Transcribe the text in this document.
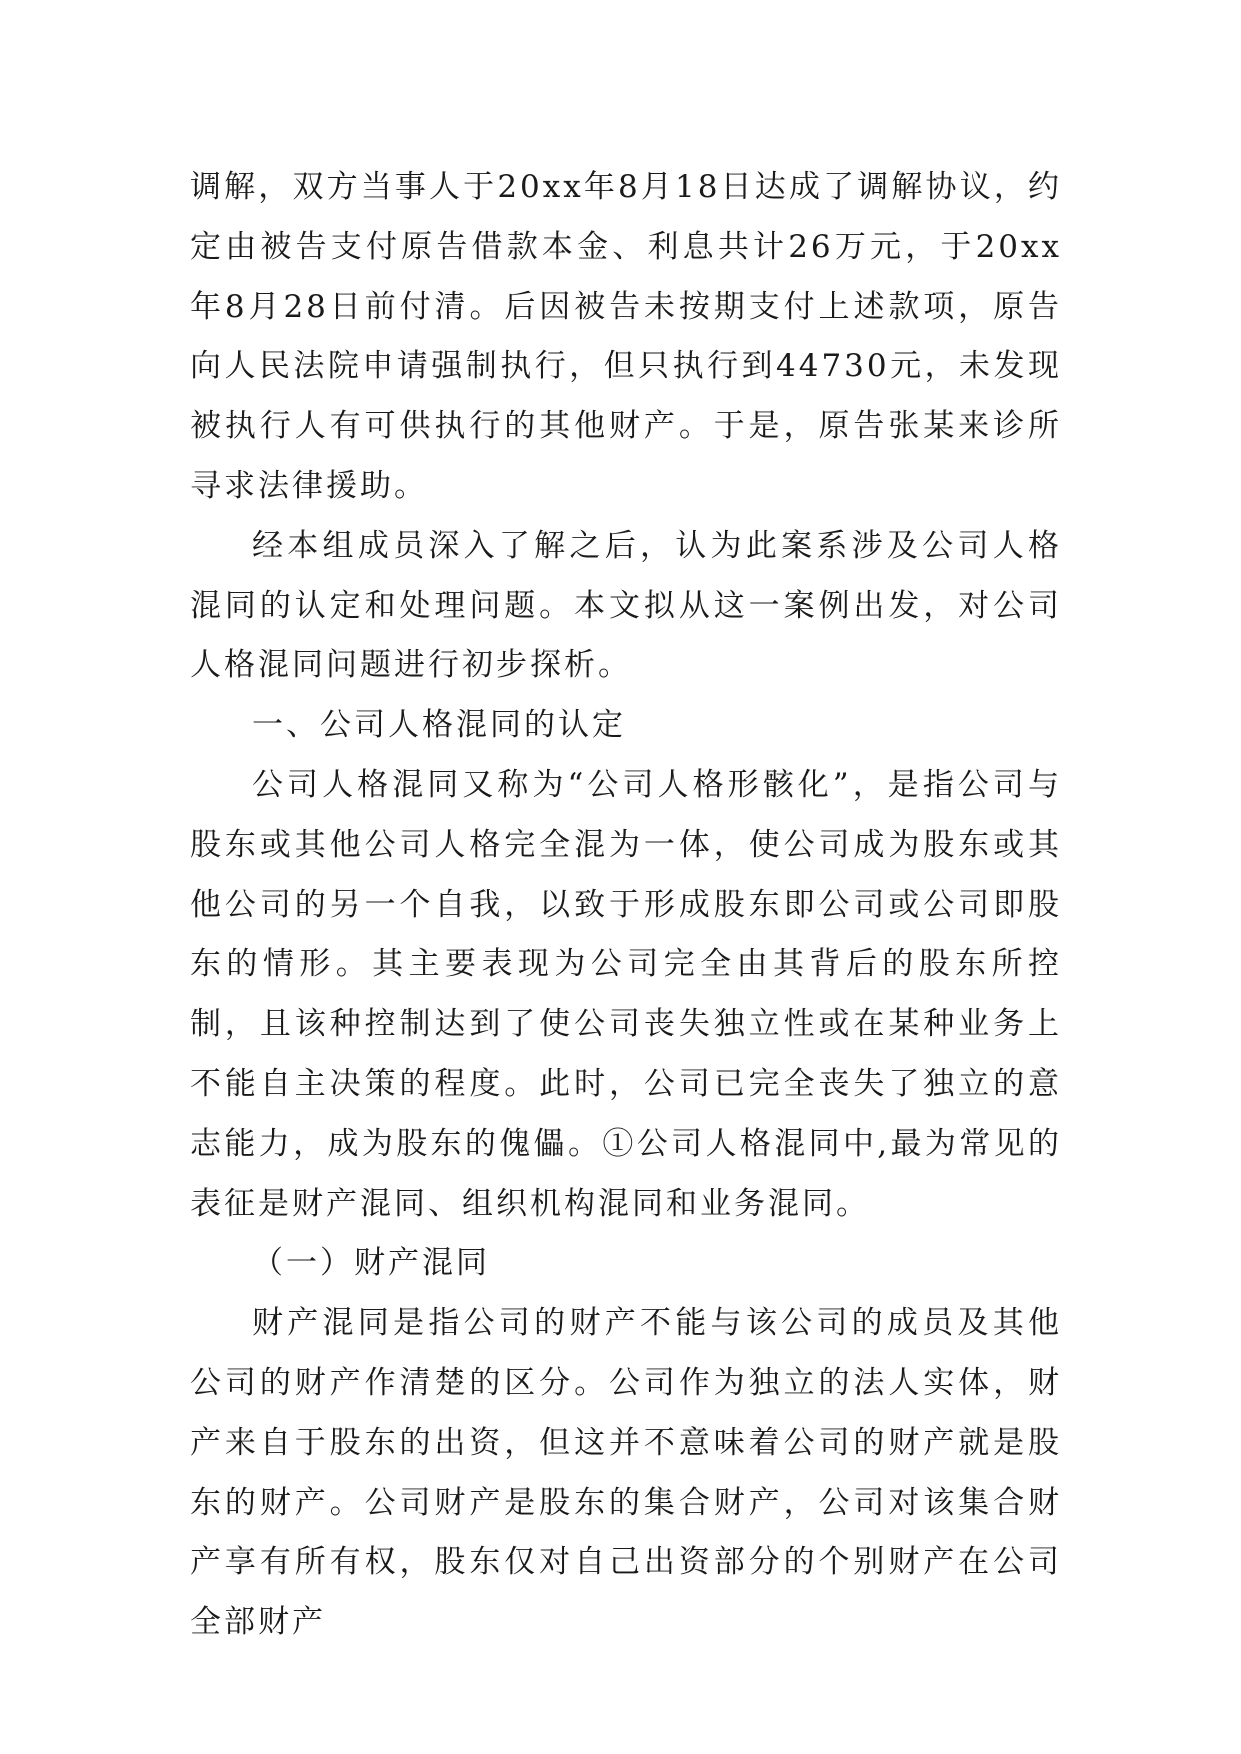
调解，双方当事人于20xx年8月18日达成了调解协议，约定由被告支付原告借款本金、利息共计26万元，于20xx年8月28日前付清。后因被告未按期支付上述款项，原告向人民法院申请强制执行，但只执行到44730元，未发现被执行人有可供执行的其他财产。于是，原告张某来诊所寻求法律援助。

经本组成员深入了解之后，认为此案系涉及公司人格混同的认定和处理问题。本文拟从这一案例出发，对公司人格混同问题进行初步探析。

一、公司人格混同的认定

公司人格混同又称为“公司人格形骸化”，是指公司与股东或其他公司人格完全混为一体，使公司成为股东或其他公司的另一个自我，以致于形成股东即公司或公司即股东的情形。其主要表现为公司完全由其背后的股东所控制，且该种控制达到了使公司丧失独立性或在某种业务上不能自主决策的程度。此时，公司已完全丧失了独立的意志能力，成为股东的傀儡。①公司人格混同中,最为常见的表征是财产混同、组织机构混同和业务混同。

（一）财产混同

财产混同是指公司的财产不能与该公司的成员及其他公司的财产作清楚的区分。公司作为独立的法人实体，财产来自于股东的出资，但这并不意味着公司的财产就是股东的财产。公司财产是股东的集合财产，公司对该集合财产享有所有权，股东仅对自己出资部分的个别财产在公司全部财产
